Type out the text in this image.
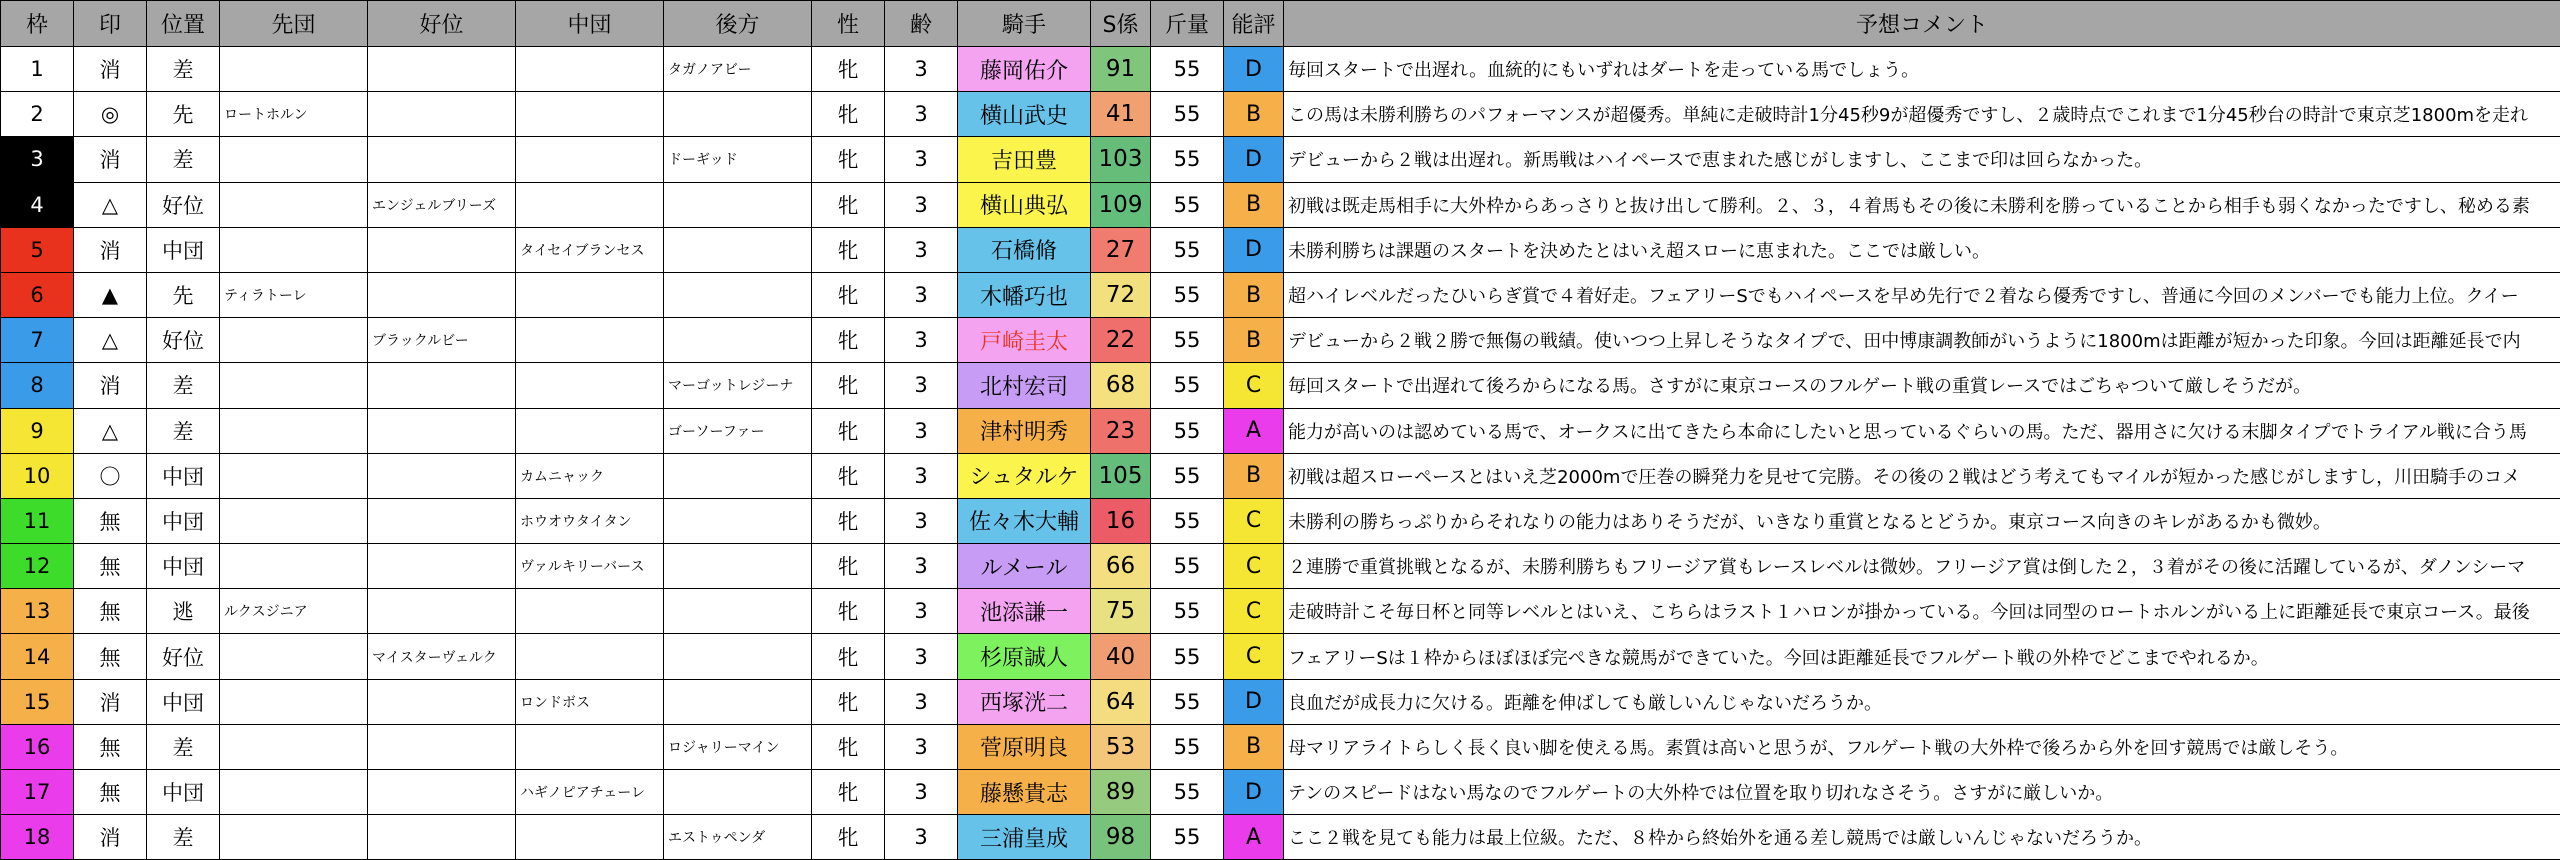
枠	印	位置	先団	好位	中団	後方	性	齢	騎手	S係	斤量	能評	予想コメント
1	消	差				タガノアビー	牝	3	藤岡佑介	91	55	D	毎回スタートで出遅れ。血統的にもいずれはダートを走っている馬でしょう。
2	◎	先	ロートホルン				牝	3	横山武史	41	55	B	この馬は未勝利勝ちのパフォーマンスが超優秀。単純に走破時計1分45秒9が超優秀ですし、２歳時点でこれまで1分45秒台の時計で東京芝1800mを走れ
3	消	差				ドーギッド	牝	3	吉田豊	103	55	D	デビューから２戦は出遅れ。新馬戦はハイペースで恵まれた感じがしますし、ここまで印は回らなかった。
4	△	好位		エンジェルブリーズ			牝	3	横山典弘	109	55	B	初戦は既走馬相手に大外枠からあっさりと抜け出して勝利。２、３，４着馬もその後に未勝利を勝っていることから相手も弱くなかったですし、秘める素
5	消	中団			タイセイブランセス		牝	3	石橋脩	27	55	D	未勝利勝ちは課題のスタートを決めたとはいえ超スローに恵まれた。ここでは厳しい。
6	▲	先	ティラトーレ				牝	3	木幡巧也	72	55	B	超ハイレベルだったひいらぎ賞で４着好走。フェアリーSでもハイペースを早め先行で２着なら優秀ですし、普通に今回のメンバーでも能力上位。クイー
7	△	好位		ブラックルビー			牝	3	戸崎圭太	22	55	B	デビューから２戦２勝で無傷の戦績。使いつつ上昇しそうなタイプで、田中博康調教師がいうように1800mは距離が短かった印象。今回は距離延長で内
8	消	差				マーゴットレジーナ	牝	3	北村宏司	68	55	C	毎回スタートで出遅れて後ろからになる馬。さすがに東京コースのフルゲート戦の重賞レースではごちゃついて厳しそうだが。
9	△	差				ゴーソーファー	牝	3	津村明秀	23	55	A	能力が高いのは認めている馬で、オークスに出てきたら本命にしたいと思っているぐらいの馬。ただ、器用さに欠ける末脚タイプでトライアル戦に合う馬
10	〇	中団			カムニャック		牝	3	シュタルケ	105	55	B	初戦は超スローペースとはいえ芝2000mで圧巻の瞬発力を見せて完勝。その後の２戦はどう考えてもマイルが短かった感じがしますし，川田騎手のコメ
11	無	中団			ホウオウタイタン		牝	3	佐々木大輔	16	55	C	未勝利の勝ちっぷりからそれなりの能力はありそうだが、いきなり重賞となるとどうか。東京コース向きのキレがあるかも微妙。
12	無	中団			ヴァルキリーバース		牝	3	ルメール	66	55	C	２連勝で重賞挑戦となるが、未勝利勝ちもフリージア賞もレースレベルは微妙。フリージア賞は倒した２，３着がその後に活躍しているが、ダノンシーマ
13	無	逃	ルクスジニア				牝	3	池添謙一	75	55	C	走破時計こそ毎日杯と同等レベルとはいえ、こちらはラスト１ハロンが掛かっている。今回は同型のロートホルンがいる上に距離延長で東京コース。最後
14	無	好位		マイスターヴェルク			牝	3	杉原誠人	40	55	C	フェアリーSは１枠からほぼほぼ完ぺきな競馬ができていた。今回は距離延長でフルゲート戦の外枠でどこまでやれるか。
15	消	中団			ロンドボス		牝	3	西塚洸二	64	55	D	良血だが成長力に欠ける。距離を伸ばしても厳しいんじゃないだろうか。
16	無	差				ロジャリーマイン	牝	3	菅原明良	53	55	B	母マリアライトらしく長く良い脚を使える馬。素質は高いと思うが、フルゲート戦の大外枠で後ろから外を回す競馬では厳しそう。
17	無	中団			ハギノピアチェーレ		牝	3	藤懸貴志	89	55	D	テンのスピードはない馬なのでフルゲートの大外枠では位置を取り切れなさそう。さすがに厳しいか。
18	消	差				エストゥペンダ	牝	3	三浦皇成	98	55	A	ここ２戦を見ても能力は最上位級。ただ、８枠から終始外を通る差し競馬では厳しいんじゃないだろうか。
